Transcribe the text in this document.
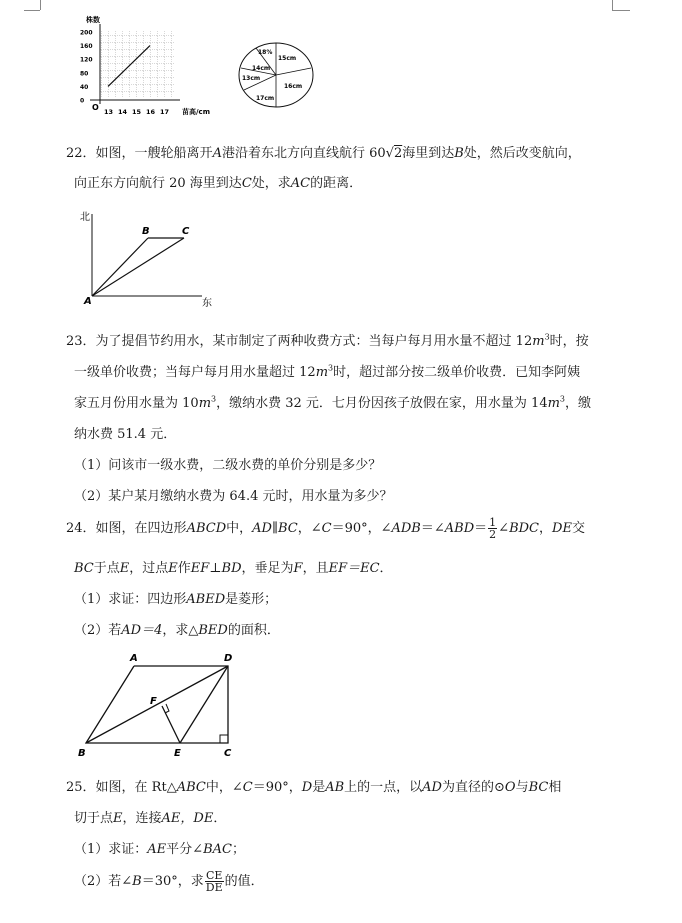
株数
200
160
120
80
40
0
13 14 15 16 17
O	苗高/cm
18%
15cm
14cm
13cm
17cm
16cm
22．如图，一艘轮船离开A港沿着东北方向直线航行 60√2海里到达B处，然后改变航向，
向正东方向航行 20 海里到达C处，求AC的距离．
北
东
A
B	C
23．为了提倡节约用水，某市制定了两种收费方式：当每户每月用水量不超过 $12m^3$时，按
一级单价收费；当每户每月用水量超过 $12m^3$时，超过部分按二级单价收费．已知李阿姨
家五月份用水量为 $10m^3$，缴纳水费 32 元．七月份因孩子放假在家，用水量为 $14m^3$，缴
纳水费 51.4 元．
（1）问该市一级水费，二级水费的单价分别是多少？
（2）某户某月缴纳水费为 64.4 元时，用水量为多少？
24．如图，在四边形ABCD中，AD∥BC，∠C＝90°，∠ADB＝∠ABD＝ $\frac{1}{2}$ ∠BDC，DE交
BC于点E，过点E作EF⊥BD，垂足为F，且EF＝EC．
（1）求证：四边形ABED是菱形；
（2）若AD＝4，求△BED的面积．
A	D
F
B	E	C
25．如图，在 Rt△ABC中，∠C＝90°，D是AB上的一点，以AD为直径的⊙O与BC相
切于点E，连接AE，DE．
（1）求证：AE平分∠BAC；
（2）若∠B＝30°，求 $\frac{CE}{DE}$ 的值．
